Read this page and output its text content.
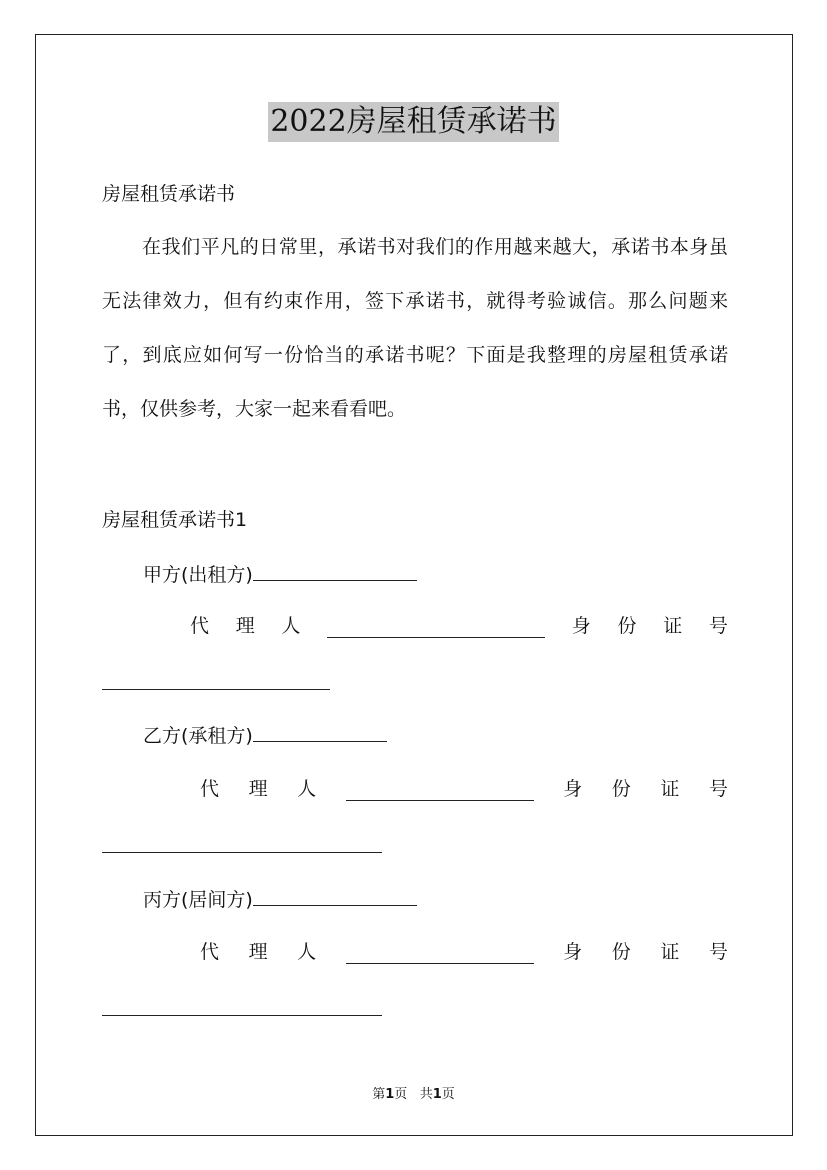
2022房屋租赁承诺书
房屋租赁承诺书
在我们平凡的日常里，承诺书对我们的作用越来越大，承诺书本身虽无法律效力，但有约束作用，签下承诺书，就得考验诚信。那么问题来了，到底应如何写一份恰当的承诺书呢？下面是我整理的房屋租赁承诺书，仅供参考，大家一起来看看吧。
房屋租赁承诺书1
甲方(出租方)
代 理 人	身 份 证 号
乙方(承租方)
代 理 人	身 份 证 号
丙方(居间方)
代 理 人	身 份 证 号
第1页 共1页
